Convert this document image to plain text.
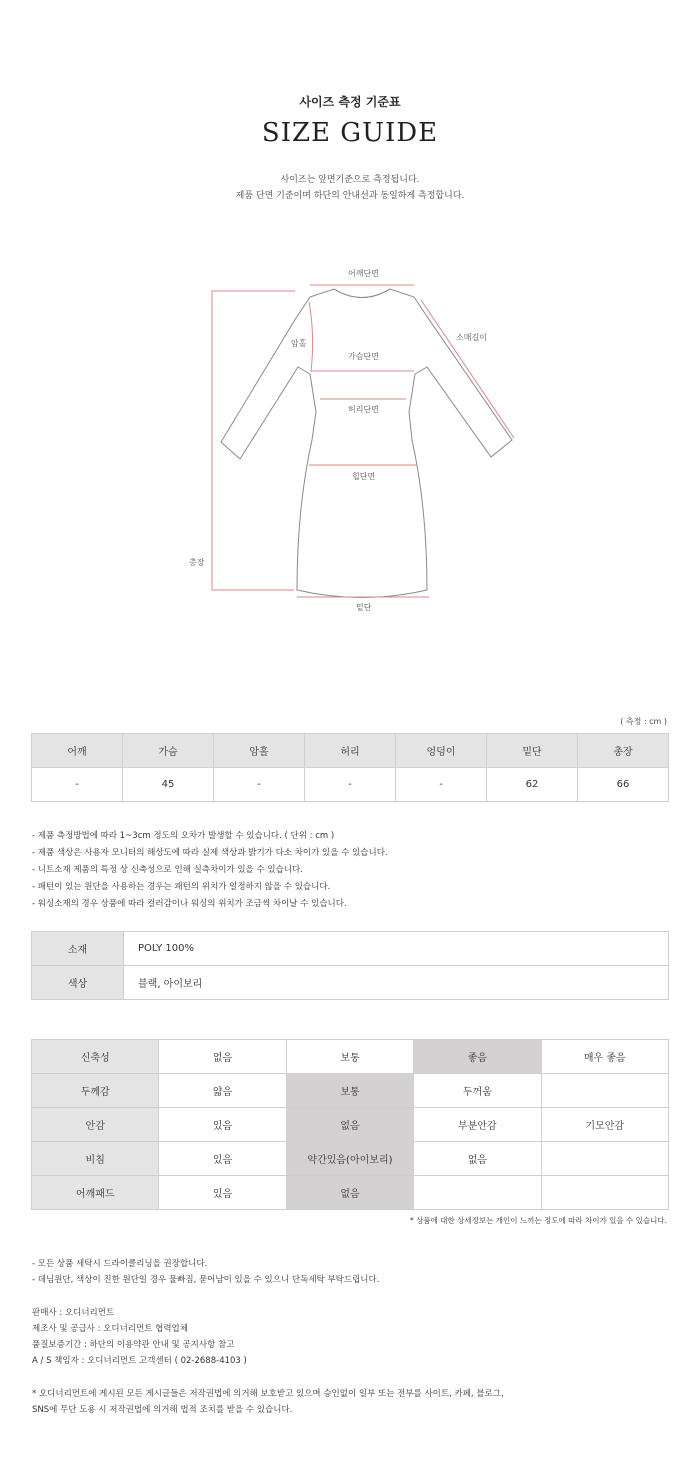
사이즈 측정 기준표
SIZE GUIDE
사이즈는 앞면기준으로 측정됩니다.
제품 단면 기준이며 하단의 안내선과 동일하게 측정합니다.
어깨단면
소매길이
암홀
가슴단면
허리단면
힙단면
총장
밑단
( 측정 : cm )
어깨	가슴	암홀	허리	엉덩이	밑단	총장
-	45	-	-	-	62	66
- 제품 측정방법에 따라 1~3cm 정도의 오차가 발생할 수 있습니다. ( 단위 : cm )
- 제품 색상은 사용자 모니터의 해상도에 따라 실제 색상과 밝기가 다소 차이가 있을 수 있습니다.
- 니트소재 제품의 특정 상 신축성으로 인해 실측차이가 있을 수 있습니다.
- 패턴이 있는 원단을 사용하는 경우는 패턴의 위치가 일정하지 않을 수 있습니다.
- 워싱소재의 경우 상품에 따라 컬러감이나 워싱의 위치가 조금씩 차이날 수 있습니다.
소재	POLY 100%
색상	블랙, 아이보리
신축성	없음	보통	좋음	매우 좋음
두께감	얇음	보통	두꺼움	
안감	있음	없음	부분안감	기모안감
비침	있음	약간있음(아이보리)	없음	
어깨패드	있음	없음		
* 상품에 대한 상세정보는 개인이 느끼는 정도에 따라 차이가 있을 수 있습니다.
- 모든 상품 세탁시 드라이클리닝을 권장합니다.
- 데님원단, 색상이 진한 원단일 경우 물빠짐, 묻어남이 있을 수 있으니 단독세탁 부탁드립니다.
판매사 : 오디너리먼트
제조사 및 공급사 : 오디너리먼트 협력업체
품질보증기간 : 하단의 이용약관 안내 및 공지사항 참고
A / S 책임자 : 오디너리먼트 고객센터 ( 02-2688-4103 )
* 오디너리먼트에 게시된 모든 게시글들은 저작권법에 의거해 보호받고 있으며 승인없이 일부 또는 전부를 사이트, 카페, 블로그,
SNS에 무단 도용 시 저작권법에 의거해 법적 조치를 받을 수 있습니다.
